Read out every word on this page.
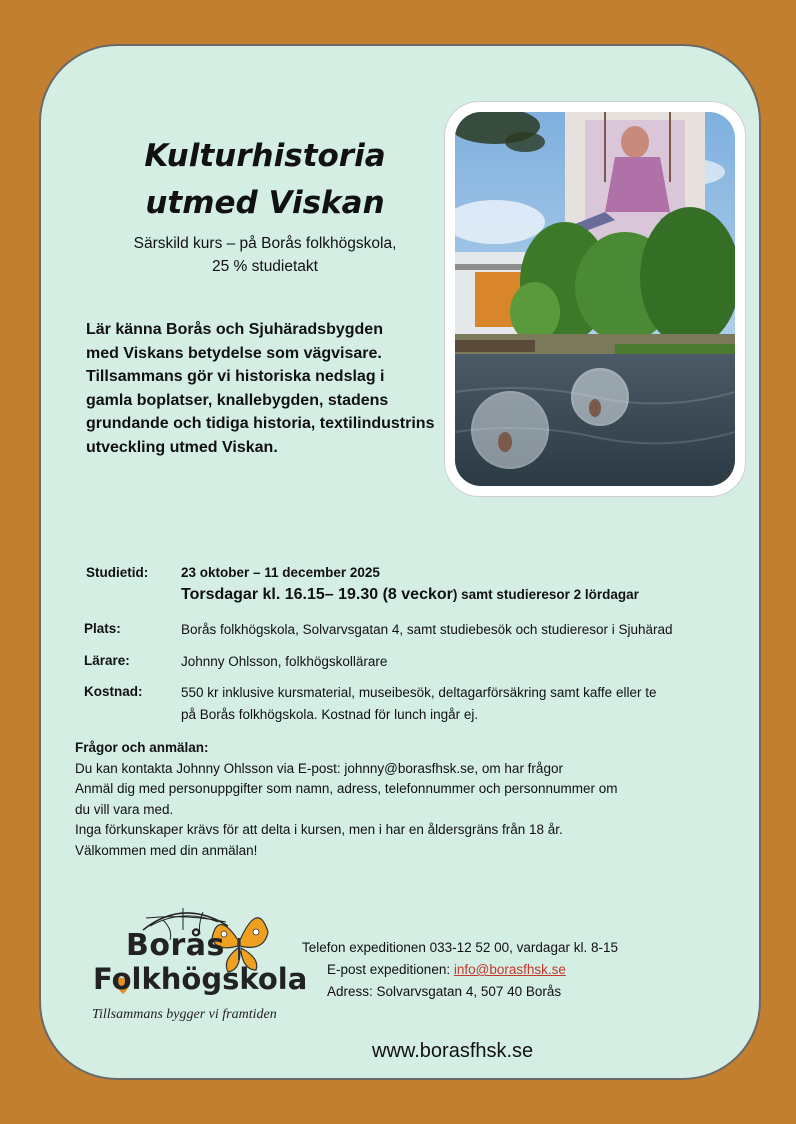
Kulturhistoria
utmed Viskan
Särskild kurs – på Borås folkhögskola,
25 % studietakt
Lär känna Borås och Sjuhäradsbygden
med Viskans betydelse som vägvisare.
Tillsammans gör vi historiska nedslag i
gamla boplatser, knallebygden, stadens
grundande och tidiga historia, textilindustrins
utveckling utmed Viskan.
Studietid: 23 oktober – 11 december 2025
Torsdagar kl. 16.15– 19.30 (8 veckor) samt studieresor 2 lördagar
Plats:	Borås folkhögskola, Solvarvsgatan 4, samt studiebesök och studieresor i Sjuhärad
Lärare:	Johnny Ohlsson, folkhögskollärare
Kostnad:	550 kr inklusive kursmaterial, museibesök, deltagarförsäkring samt kaffe eller te
på Borås folkhögskola. Kostnad för lunch ingår ej.
Frågor och anmälan:
Du kan kontakta Johnny Ohlsson via E-post: johnny@borasfhsk.se, om har frågor
Anmäl dig med personuppgifter som namn, adress, telefonnummer och personnummer om
du vill vara med.
Inga förkunskaper krävs för att delta i kursen, men i har en åldersgräns från 18 år.
Välkommen med din anmälan!
Borås
Folkhögskola
Tillsammans bygger vi framtiden
Telefon expeditionen 033-12 52 00, vardagar kl. 8-15
E-post expeditionen: info@borasfhsk.se
Adress: Solvarvsgatan 4, 507 40 Borås
www.borasfhsk.se
